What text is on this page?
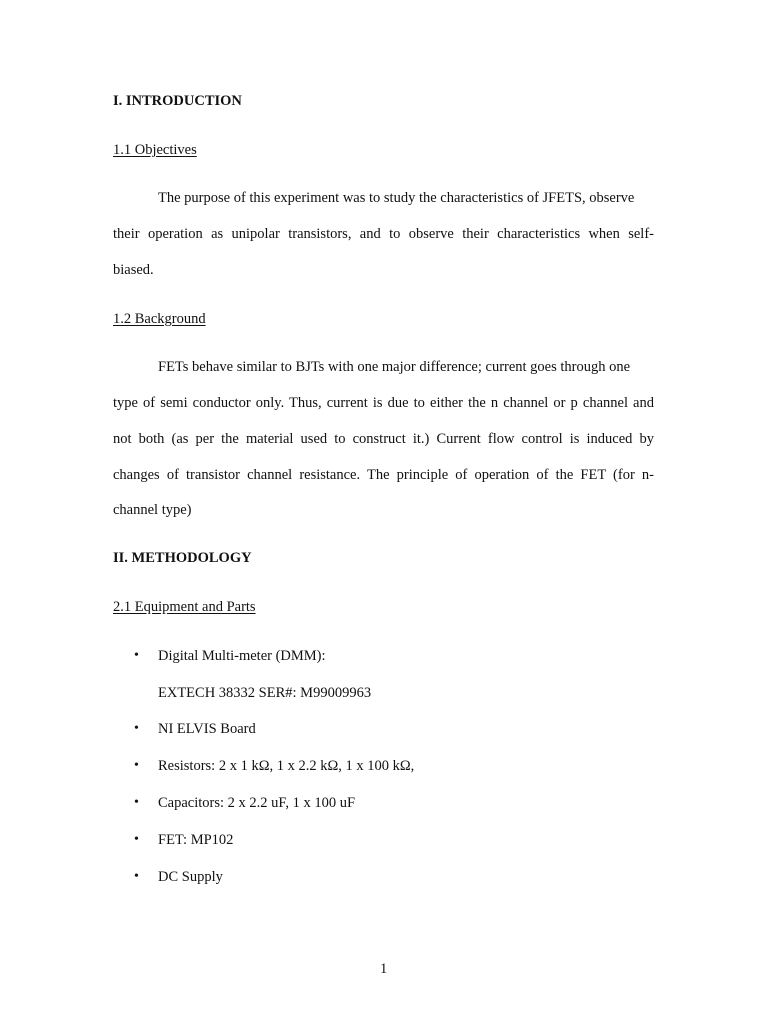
I. INTRODUCTION
1.1 Objectives
The purpose of this experiment was to study the characteristics of JFETS, observe
their operation as unipolar transistors, and to observe their characteristics when self-
biased.
1.2 Background
FETs behave similar to BJTs with one major difference; current goes through one
type of semi conductor only. Thus, current is due to either the n channel or p channel and
not both (as per the material used to construct it.) Current flow control is induced by
changes of transistor channel resistance. The principle of operation of the FET (for n-
channel type)
II. METHODOLOGY
2.1 Equipment and Parts
• Digital Multi-meter (DMM):
EXTECH 38332 SER#: M99009963
• NI ELVIS Board
• Resistors: 2 x 1 kΩ, 1 x 2.2 kΩ, 1 x 100 kΩ,
• Capacitors: 2 x 2.2 uF, 1 x 100 uF
• FET: MP102
• DC Supply
1
